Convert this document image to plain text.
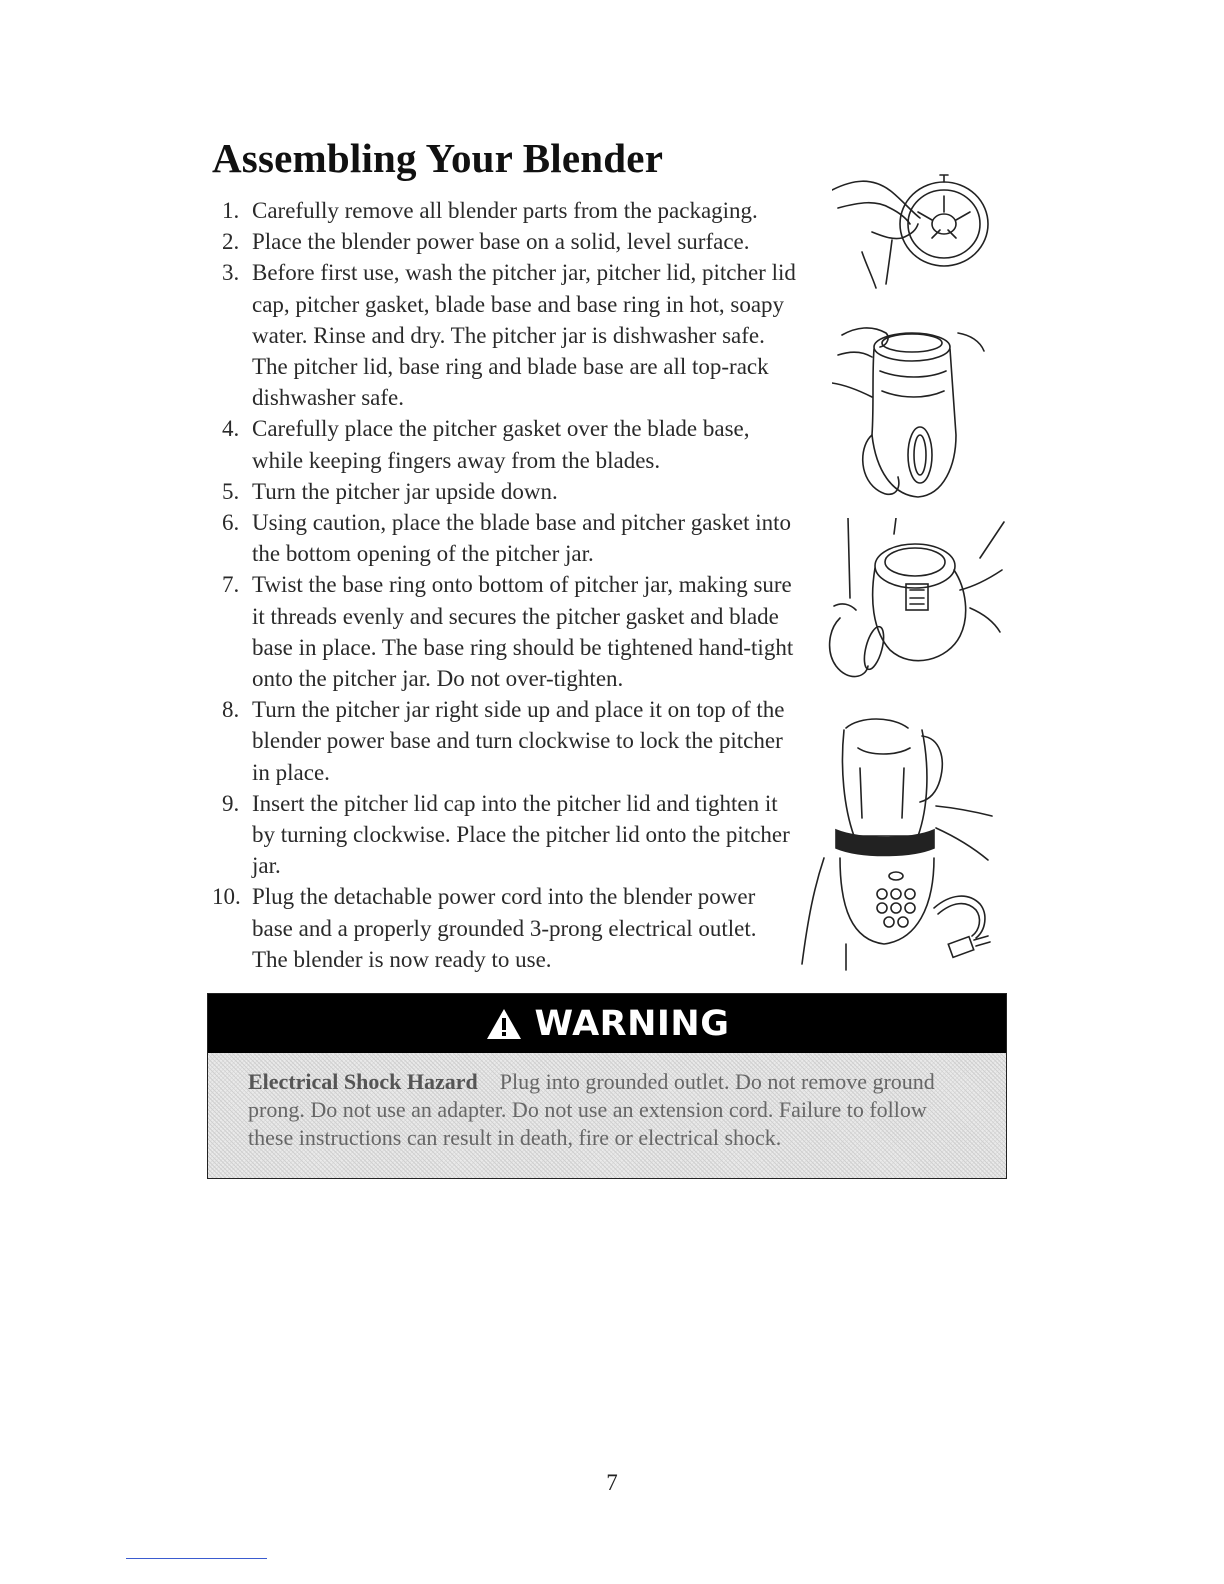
Assembling Your Blender
1. Carefully remove all blender parts from the packaging.
2. Place the blender power base on a solid, level surface.
3. Before first use, wash the pitcher jar, pitcher lid, pitcher lid cap, pitcher gasket, blade base and base ring in hot, soapy water. Rinse and dry. The pitcher jar is dishwasher safe. The pitcher lid, base ring and blade base are all top-rack dishwasher safe.
4. Carefully place the pitcher gasket over the blade base, while keeping fingers away from the blades.
5. Turn the pitcher jar upside down.
6. Using caution, place the blade base and pitcher gasket into the bottom opening of the pitcher jar.
7. Twist the base ring onto bottom of pitcher jar, making sure it threads evenly and secures the pitcher gasket and blade base in place. The base ring should be tightened hand-tight onto the pitcher jar. Do not over-tighten.
8. Turn the pitcher jar right side up and place it on top of the blender power base and turn clockwise to lock the pitcher in place.
9. Insert the pitcher lid cap into the pitcher lid and tighten it by turning clockwise. Place the pitcher lid onto the pitcher jar.
10. Plug the detachable power cord into the blender power base and a properly grounded 3-prong electrical outlet. The blender is now ready to use.
WARNING
Electrical Shock Hazard Plug into grounded outlet. Do not remove ground prong. Do not use an adapter. Do not use an extension cord. Failure to follow these instructions can result in death, fire or electrical shock.
7
